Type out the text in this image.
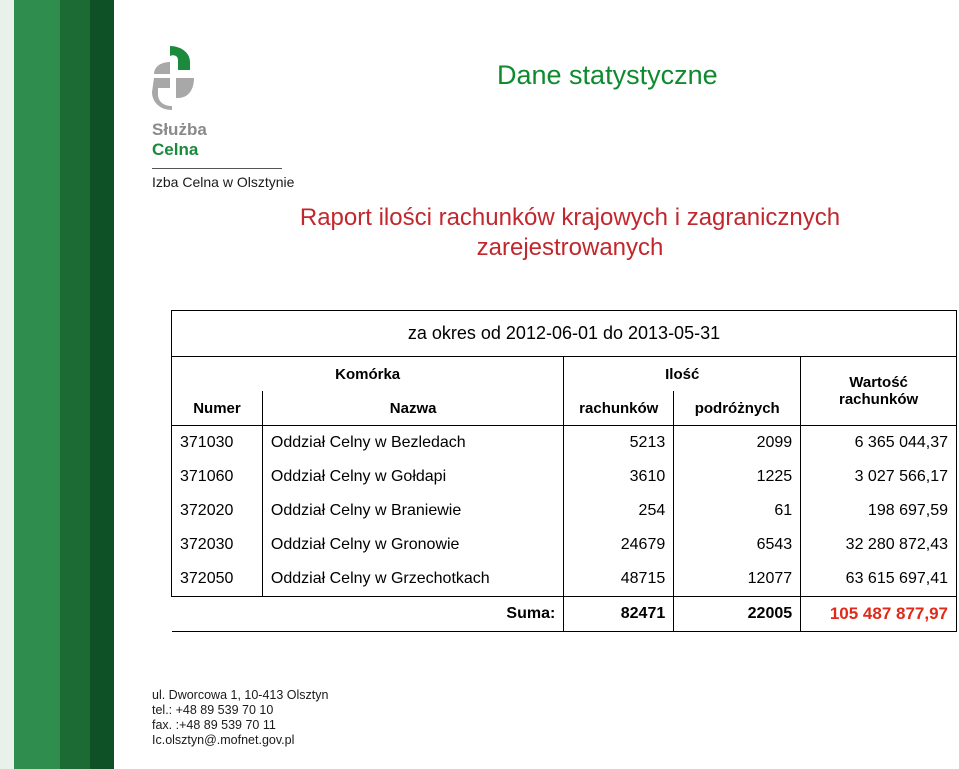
Służba
Celna
Izba Celna w Olsztynie
Dane statystyczne
Raport ilości rachunków krajowych i zagranicznych
zarejestrowanych
za okres od 2012-06-01 do 2013-05-31				
Komórka		Ilość		Wartość rachunków
Numer	Nazwa	rachunków	podróżnych	
371030	Oddział Celny w Bezledach	5213	2099	6 365 044,37
371060	Oddział Celny w Gołdapi	3610	1225	3 027 566,17
372020	Oddział Celny w Braniewie	254	61	198 697,59
372030	Oddział Celny w Gronowie	24679	6543	32 280 872,43
372050	Oddział Celny w Grzechotkach	48715	12077	63 615 697,41
	Suma:	82471	22005	105 487 877,97
ul. Dworcowa 1, 10-413 Olsztyn
tel.: +48 89 539 70 10
fax. :+48 89 539 70 11
Ic.olsztyn@.mofnet.gov.pl
